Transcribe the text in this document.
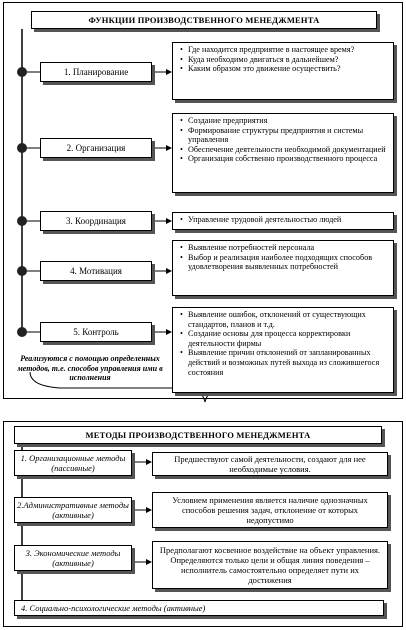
ФУНКЦИИ ПРОИЗВОДСТВЕННОГО МЕНЕДЖМЕНТА
1. Планирование
2. Организация
3. Координация
4. Мотивация
5. Контроль
• Где находится предприятие в настоящее время?
• Куда необходимо двигаться в дальнейшем?
• Каким образом это движение осуществить?
• Создание предприятия
• Формирование структуры предприятия и системы управления
• Обеспечение деятельности необходимой документацией
• Организация собственно производственного процесса
• Управление трудовой деятельностью людей
• Выявление потребностей персонала
• Выбор и реализация наиболее подходящих способов удовлетворения выявленных потребностей
• Выявление ошибок, отклонений от существующих стандартов, планов и т.д.
• Создание основы для процесса корректировки деятельности фирмы
• Выявление причин отклонений от запланированных действий и возможных путей выхода из сложившегося состояния
Реализуются с помощью определенных методов, т.е. способов управления ими в исполнения
МЕТОДЫ ПРОИЗВОДСТВЕННОГО МЕНЕДЖМЕНТА
1. Организационные методы (пассивные)
2.Административные методы (активные)
3. Экономические методы (активные)
4. Социально-психологические методы (активные)
Предшествуют самой деятельности, создают для нее необходимые условия.
Условием применения является наличие однозначных способов решения задач, отклонение от которых недопустимо
Предполагают косвенное воздействие на объект управления. Определяются только цели и общая линия поведения – исполнитель самостоятельно определяет пути их достижения
